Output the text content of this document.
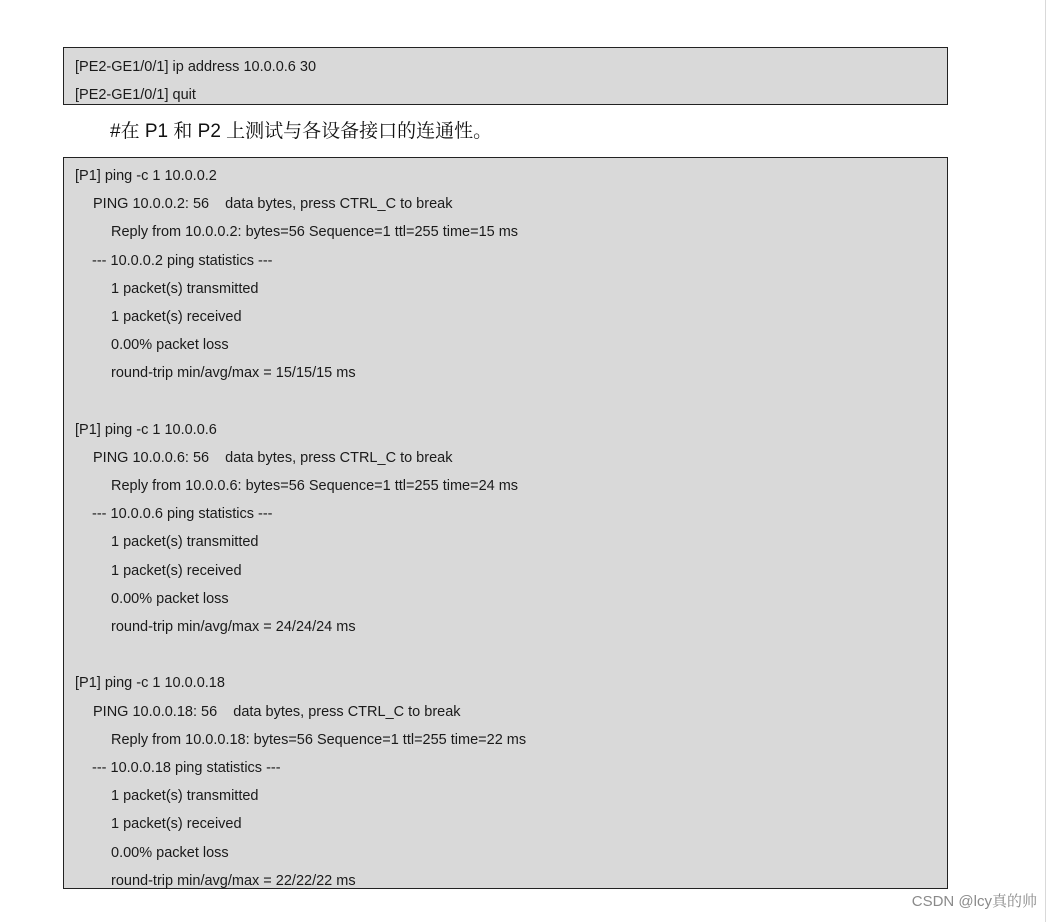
[PE2-GE1/0/1] ip address 10.0.0.6 30
[PE2-GE1/0/1] quit
#在 P1 和 P2 上测试与各设备接口的连通性。
[P1] ping -c 1 10.0.0.2
PING 10.0.0.2: 56    data bytes, press CTRL_C to break
Reply from 10.0.0.2: bytes=56 Sequence=1 ttl=255 time=15 ms
--- 10.0.0.2 ping statistics ---
1 packet(s) transmitted
1 packet(s) received
0.00% packet loss
round-trip min/avg/max = 15/15/15 ms
[P1] ping -c 1 10.0.0.6
PING 10.0.0.6: 56    data bytes, press CTRL_C to break
Reply from 10.0.0.6: bytes=56 Sequence=1 ttl=255 time=24 ms
--- 10.0.0.6 ping statistics ---
1 packet(s) transmitted
1 packet(s) received
0.00% packet loss
round-trip min/avg/max = 24/24/24 ms
[P1] ping -c 1 10.0.0.18
PING 10.0.0.18: 56    data bytes, press CTRL_C to break
Reply from 10.0.0.18: bytes=56 Sequence=1 ttl=255 time=22 ms
--- 10.0.0.18 ping statistics ---
1 packet(s) transmitted
1 packet(s) received
0.00% packet loss
round-trip min/avg/max = 22/22/22 ms
CSDN @lcy真的帅
